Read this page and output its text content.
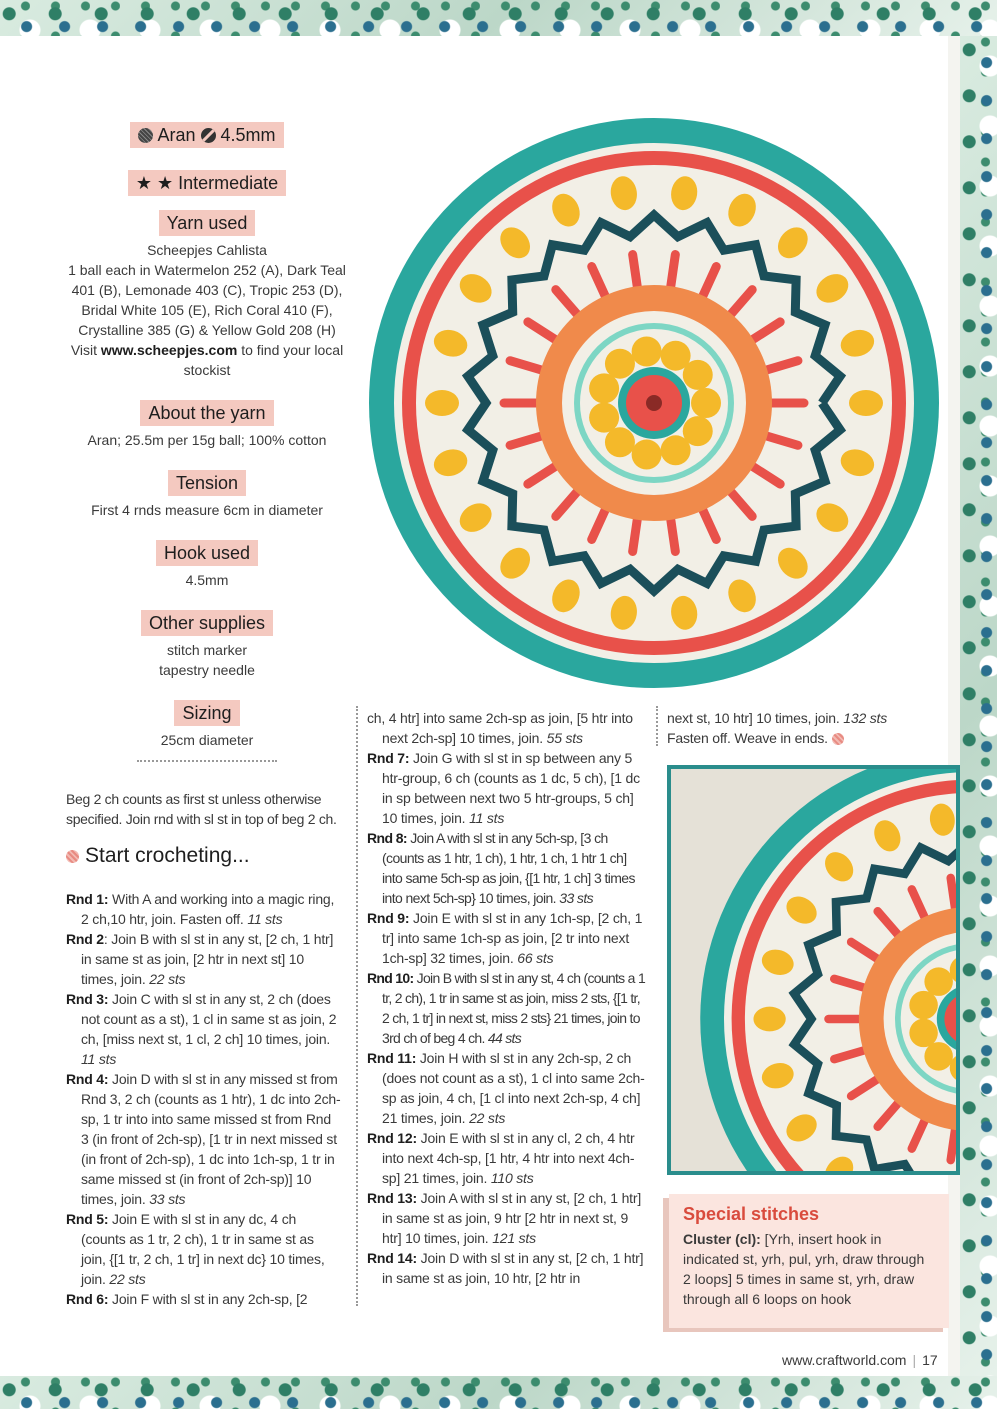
Aran 4.5mm
★ ★ Intermediate
Yarn used
Scheepjes Cahlista
1 ball each in Watermelon 252 (A), Dark Teal 401 (B), Lemonade 403 (C), Tropic 253 (D), Bridal White 105 (E), Rich Coral 410 (F), Crystalline 385 (G) & Yellow Gold 208 (H)
Visit www.scheepjes.com to find your local stockist
About the yarn
Aran; 25.5m per 15g ball; 100% cotton
Tension
First 4 rnds measure 6cm in diameter
Hook used
4.5mm
Other supplies
stitch marker
tapestry needle
Sizing
25cm diameter
Beg 2 ch counts as first st unless otherwise specified. Join rnd with sl st in top of beg 2 ch.
Start crocheting...

Rnd 1: With A and working into a magic ring, 2 ch,10 htr, join. Fasten off. 11 sts

Rnd 2: Join B with sl st in any st, [2 ch, 1 htr] in same st as join, [2 htr in next st] 10 times, join. 22 sts

Rnd 3: Join C with sl st in any st, 2 ch (does not count as a st), 1 cl in same st as join, 2 ch, [miss next st, 1 cl, 2 ch] 10 times, join. 11 sts

Rnd 4: Join D with sl st in any missed st from Rnd 3, 2 ch (counts as 1 htr), 1 dc into 2ch-sp, 1 tr into into same missed st from Rnd 3 (in front of 2ch-sp), [1 tr in next missed st (in front of 2ch-sp), 1 dc into 1ch-sp, 1 tr in same missed st (in front of 2ch-sp)] 10 times, join. 33 sts

Rnd 5: Join E with sl st in any dc, 4 ch (counts as 1 tr, 2 ch), 1 tr in same st as join, {[1 tr, 2 ch, 1 tr] in next dc} 10 times, join. 22 sts

Rnd 6: Join F with sl st in any 2ch-sp, [2

ch, 4 htr] into same 2ch-sp as join, [5 htr into next 2ch-sp] 10 times, join. 55 sts

Rnd 7: Join G with sl st in sp between any 5 htr-group, 6 ch (counts as 1 dc, 5 ch), [1 dc in sp between next two 5 htr-groups, 5 ch] 10 times, join. 11 sts

Rnd 8: Join A with sl st in any 5ch-sp, [3 ch (counts as 1 htr, 1 ch), 1 htr, 1 ch, 1 htr 1 ch] into same 5ch-sp as join, {[1 htr, 1 ch] 3 times into next 5ch-sp} 10 times, join. 33 sts

Rnd 9: Join E with sl st in any 1ch-sp, [2 ch, 1 tr] into same 1ch-sp as join, [2 tr into next 1ch-sp] 32 times, join. 66 sts

Rnd 10: Join B with sl st in any st, 4 ch (counts a 1 tr, 2 ch), 1 tr in same st as join, miss 2 sts, {[1 tr, 2 ch, 1 tr] in next st, miss 2 sts} 21 times, join to 3rd ch of beg 4 ch. 44 sts

Rnd 11: Join H with sl st in any 2ch-sp, 2 ch (does not count as a st), 1 cl into same 2ch-sp as join, 4 ch, [1 cl into next 2ch-sp, 4 ch] 21 times, join. 22 sts

Rnd 12: Join E with sl st in any cl, 2 ch, 4 htr into next 4ch-sp, [1 htr, 4 htr into next 4ch-sp] 21 times, join. 110 sts

Rnd 13: Join A with sl st in any st, [2 ch, 1 htr] in same st as join, 9 htr [2 htr in next st, 9 htr] 10 times, join. 121 sts

Rnd 14: Join D with sl st in any st, [2 ch, 1 htr] in same st as join, 10 htr, [2 htr in

next st, 10 htr] 10 times, join. 132 sts

Fasten off. Weave in ends.

Special stitches
Cluster (cl): [Yrh, insert hook in indicated st, yrh, pul, yrh, draw through 2 loops] 5 times in same st, yrh, draw through all 6 loops on hook
www.craftworld.com | 17
